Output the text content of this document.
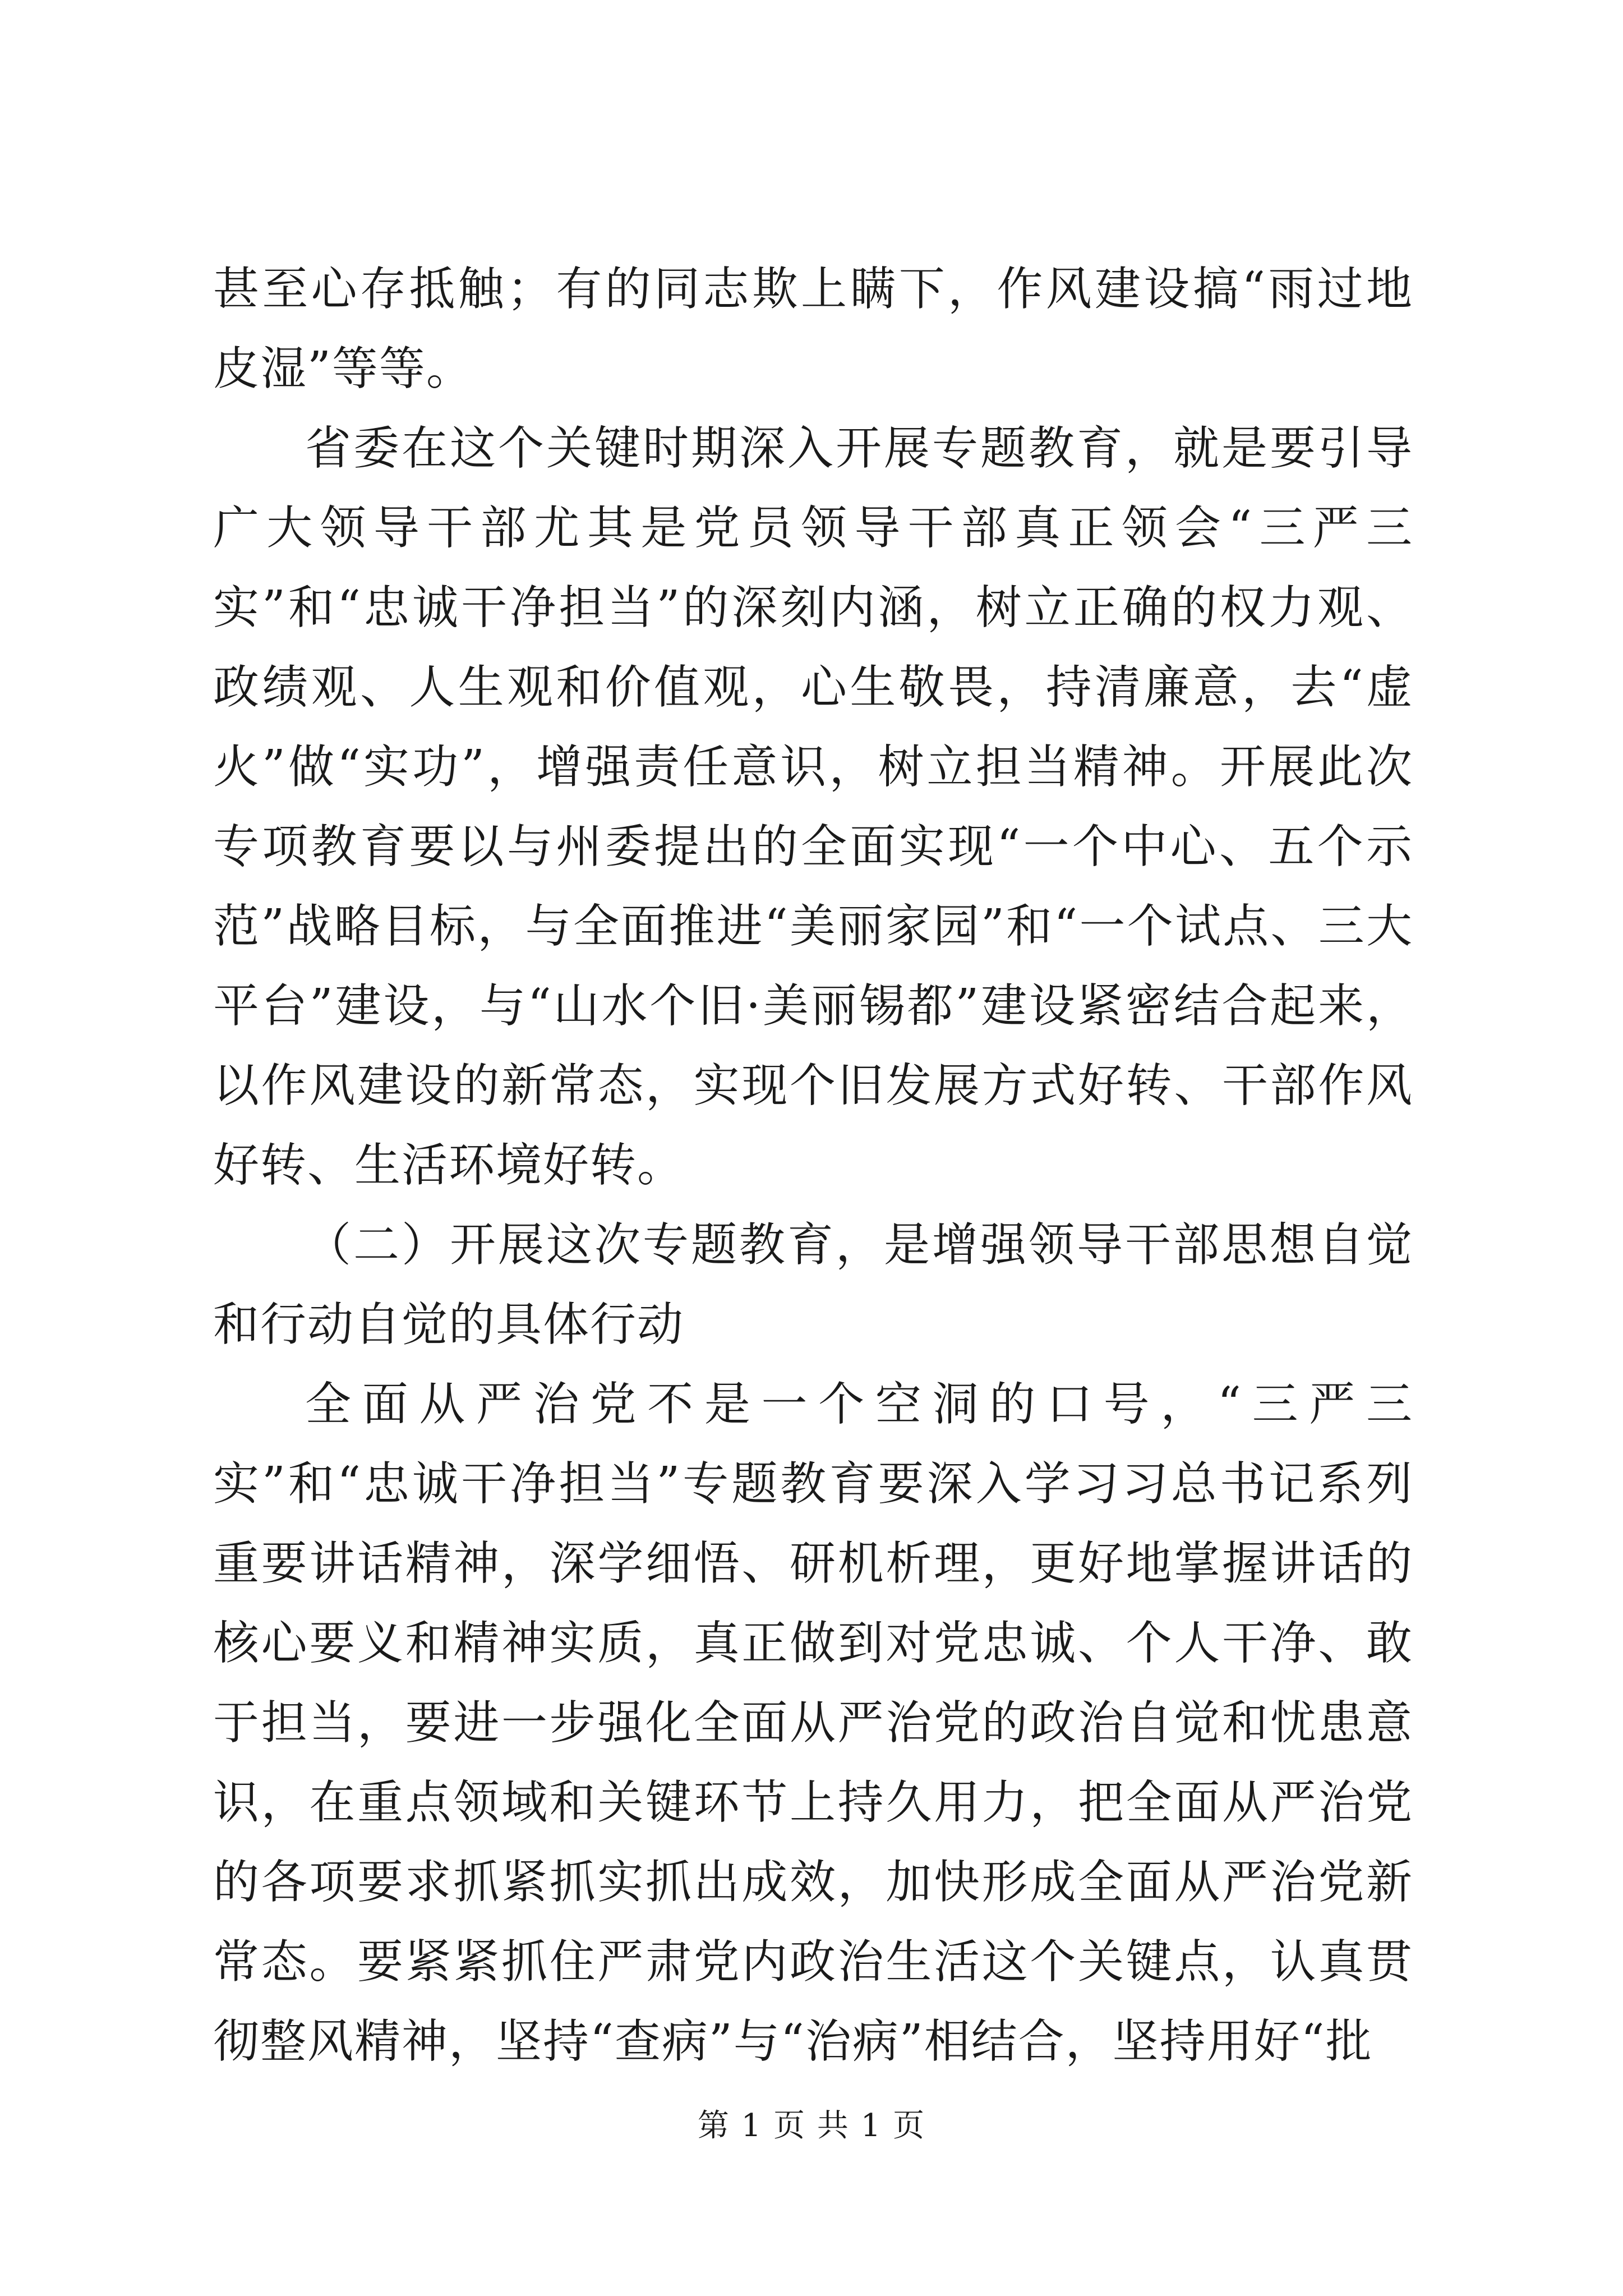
甚至心存抵触；有的同志欺上瞒下，作风建设搞“雨过地皮湿”等等。

省委在这个关键时期深入开展专题教育，就是要引导广大领导干部尤其是党员领导干部真正领会“三严三实”和“忠诚干净担当”的深刻内涵，树立正确的权力观、政绩观、人生观和价值观，心生敬畏，持清廉意，去“虚火”做“实功”，增强责任意识，树立担当精神。开展此次专项教育要以与州委提出的全面实现“一个中心、五个示范”战略目标，与全面推进“美丽家园”和“一个试点、三大平台”建设，与“山水个旧·美丽锡都”建设紧密结合起来，以作风建设的新常态，实现个旧发展方式好转、干部作风好转、生活环境好转。

（二）开展这次专题教育，是增强领导干部思想自觉和行动自觉的具体行动

全面从严治党不是一个空洞的口号，“三严三实”和“忠诚干净担当”专题教育要深入学习习总书记系列重要讲话精神，深学细悟、研机析理，更好地掌握讲话的核心要义和精神实质，真正做到对党忠诚、个人干净、敢于担当，要进一步强化全面从严治党的政治自觉和忧患意识，在重点领域和关键环节上持久用力，把全面从严治党的各项要求抓紧抓实抓出成效，加快形成全面从严治党新常态。要紧紧抓住严肃党内政治生活这个关键点，认真贯彻整风精神，坚持“查病”与“治病”相结合，坚持用好“批

第 1 页 共 1 页
